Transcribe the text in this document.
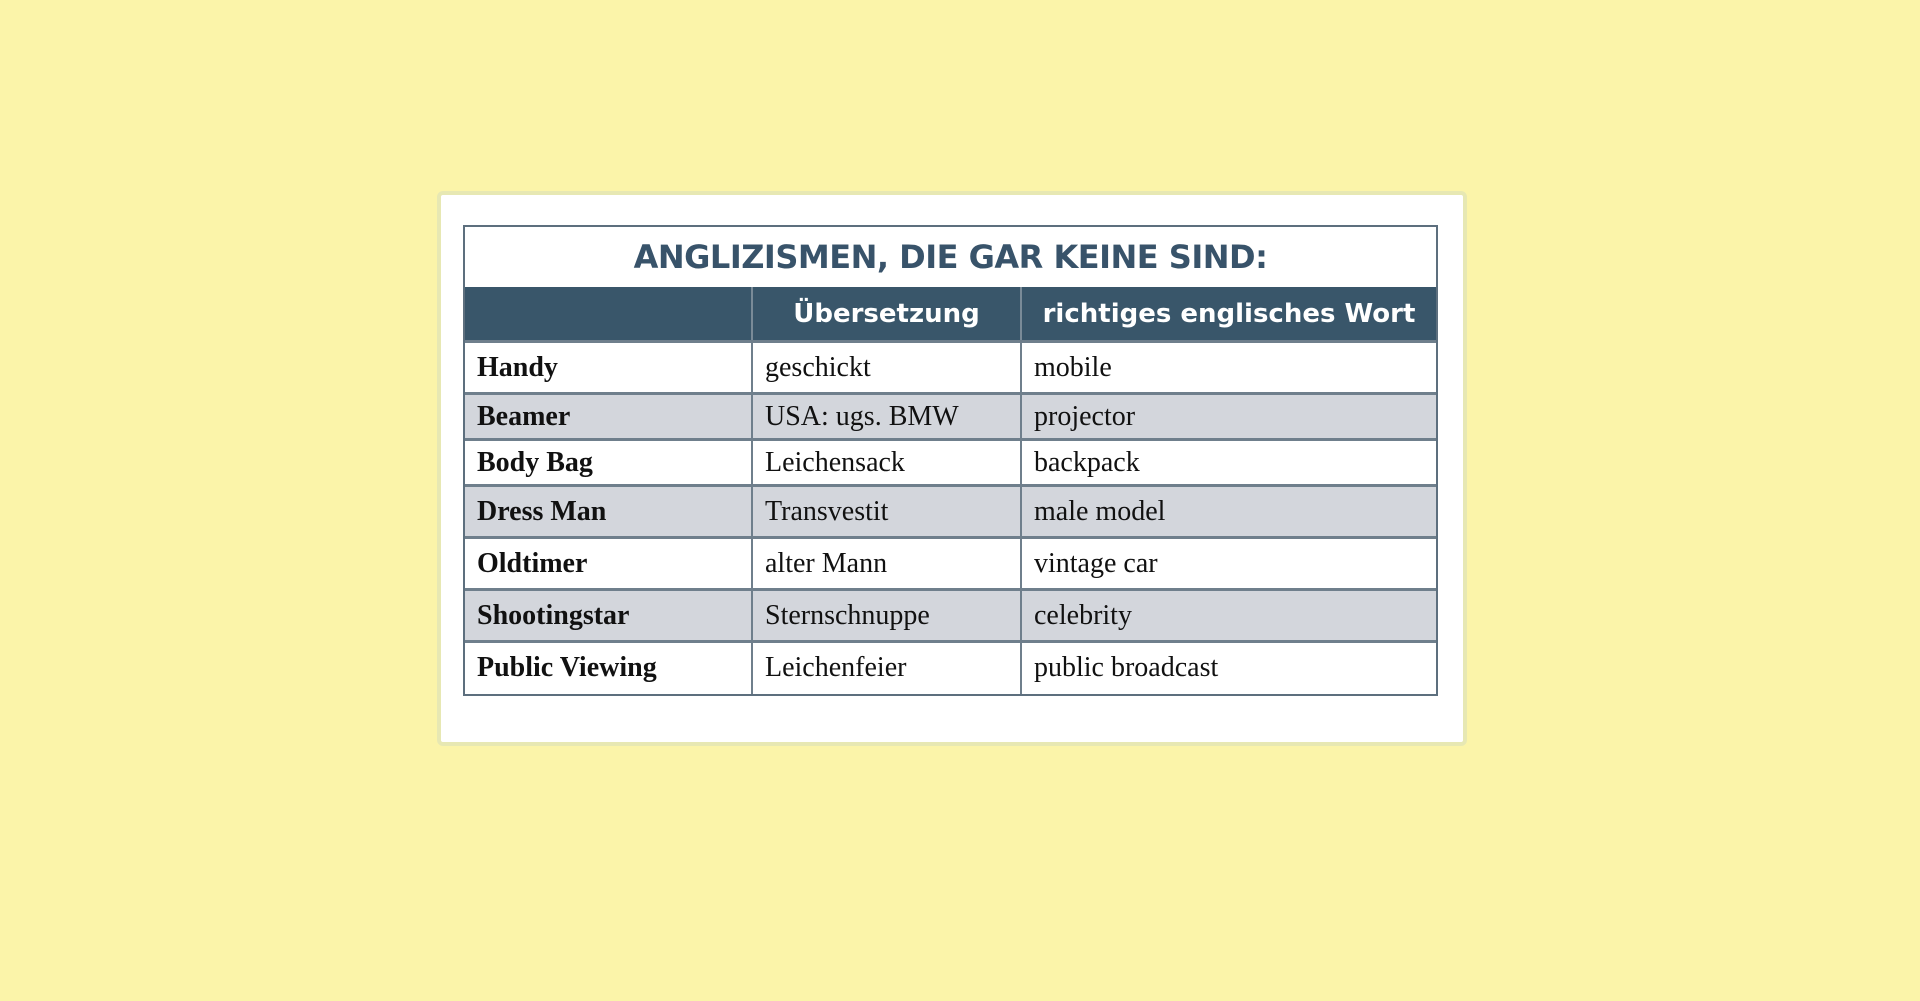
ANGLIZISMEN, DIE GAR KEINE SIND:
	Übersetzung	richtiges englisches Wort
Handy	geschickt	mobile
Beamer	USA: ugs. BMW	projector
Body Bag	Leichensack	backpack
Dress Man	Transvestit	male model
Oldtimer	alter Mann	vintage car
Shootingstar	Sternschnuppe	celebrity
Public Viewing	Leichenfeier	public broadcast
